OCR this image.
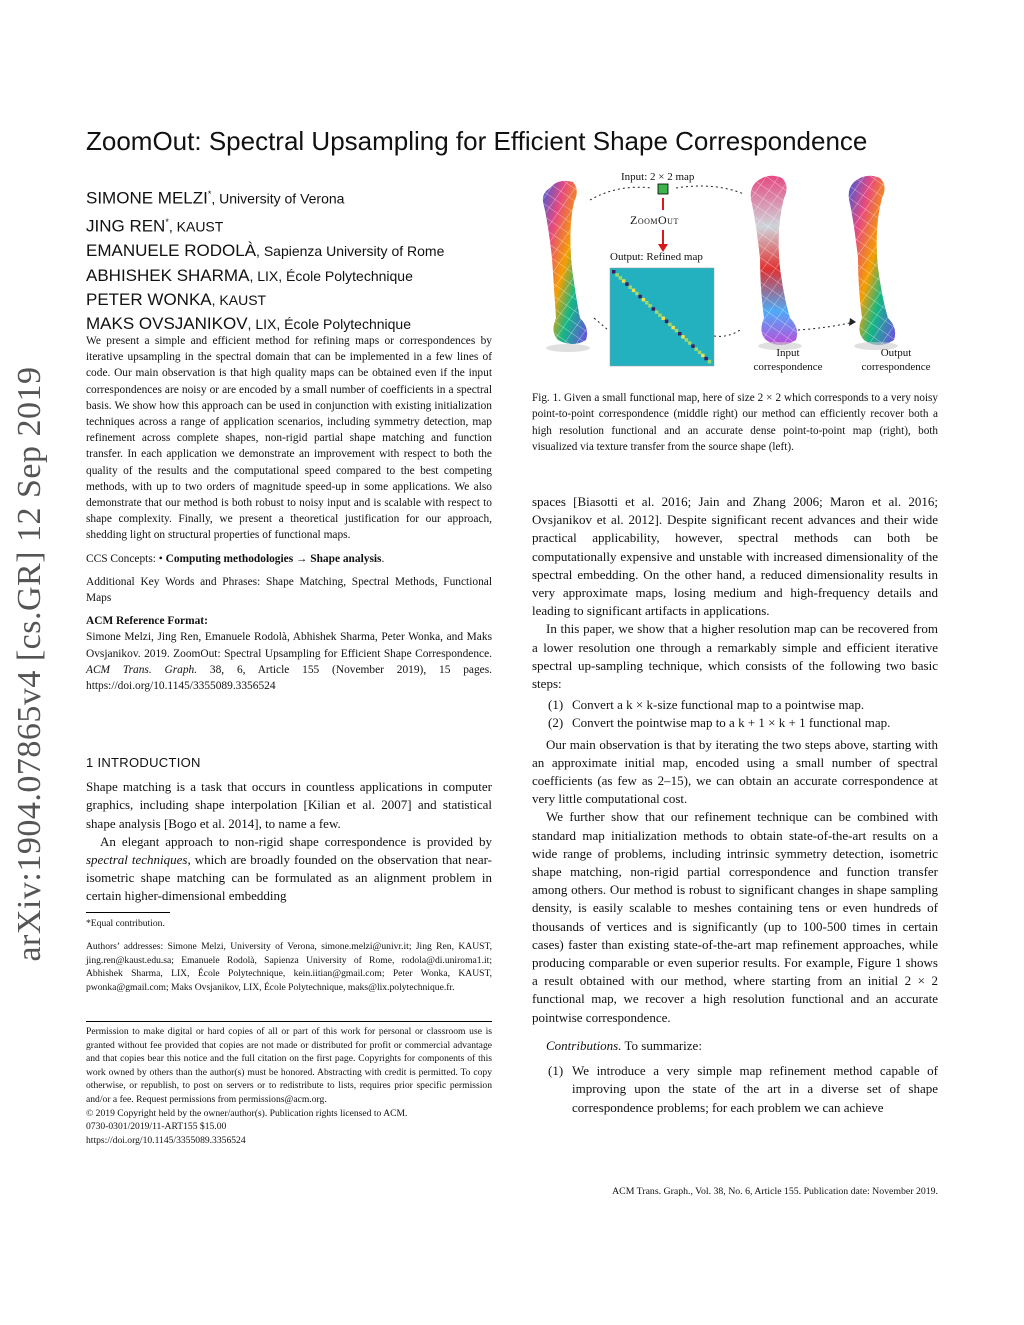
arXiv:1904.07865v4 [cs.GR] 12 Sep 2019
ZoomOut: Spectral Upsampling for Efficient Shape Correspondence
SIMONE MELZI*, University of Verona
JING REN*, KAUST
EMANUELE RODOLÀ, Sapienza University of Rome
ABHISHEK SHARMA, LIX, École Polytechnique
PETER WONKA, KAUST
MAKS OVSJANIKOV, LIX, École Polytechnique

We present a simple and efficient method for refining maps or correspondences by iterative upsampling in the spectral domain that can be implemented in a few lines of code. Our main observation is that high quality maps can be obtained even if the input correspondences are noisy or are encoded by a small number of coefficients in a spectral basis. We show how this approach can be used in conjunction with existing initialization techniques across a range of application scenarios, including symmetry detection, map refinement across complete shapes, non-rigid partial shape matching and function transfer. In each application we demonstrate an improvement with respect to both the quality of the results and the computational speed compared to the best competing methods, with up to two orders of magnitude speed-up in some applications. We also demonstrate that our method is both robust to noisy input and is scalable with respect to shape complexity. Finally, we present a theoretical justification for our approach, shedding light on structural properties of functional maps.

CCS Concepts: • Computing methodologies → Shape analysis.

Additional Key Words and Phrases: Shape Matching, Spectral Methods, Functional Maps

ACM Reference Format:

Simone Melzi, Jing Ren, Emanuele Rodolà, Abhishek Sharma, Peter Wonka, and Maks Ovsjanikov. 2019. ZoomOut: Spectral Upsampling for Efficient Shape Correspondence. ACM Trans. Graph. 38, 6, Article 155 (November 2019), 15 pages. https://doi.org/10.1145/3355089.3356524

1 INTRODUCTION

Shape matching is a task that occurs in countless applications in computer graphics, including shape interpolation [Kilian et al. 2007] and statistical shape analysis [Bogo et al. 2014], to name a few.

An elegant approach to non-rigid shape correspondence is provided by spectral techniques, which are broadly founded on the observation that near-isometric shape matching can be formulated as an alignment problem in certain higher-dimensional embedding

*Equal contribution.
Authors’ addresses: Simone Melzi, University of Verona, simone.melzi@univr.it; Jing Ren, KAUST, jing.ren@kaust.edu.sa; Emanuele Rodolà, Sapienza University of Rome, rodola@di.uniroma1.it; Abhishek Sharma, LIX, École Polytechnique, kein.iitian@gmail.com; Peter Wonka, KAUST, pwonka@gmail.com; Maks Ovsjanikov, LIX, École Polytechnique, maks@lix.polytechnique.fr.

Permission to make digital or hard copies of all or part of this work for personal or classroom use is granted without fee provided that copies are not made or distributed for profit or commercial advantage and that copies bear this notice and the full citation on the first page. Copyrights for components of this work owned by others than the author(s) must be honored. Abstracting with credit is permitted. To copy otherwise, or republish, to post on servers or to redistribute to lists, requires prior specific permission and/or a fee. Request permissions from permissions@acm.org.

© 2019 Copyright held by the owner/author(s). Publication rights licensed to ACM.

0730-0301/2019/11-ART155 $15.00

https://doi.org/10.1145/3355089.3356524

Input: 2 × 2 map
ZoomOut
Output: Refined map
Input
correspondence
Output
correspondence
Fig. 1. Given a small functional map, here of size 2 × 2 which corresponds to a very noisy point-to-point correspondence (middle right) our method can efficiently recover both a high resolution functional and an accurate dense point-to-point map (right), both visualized via texture transfer from the source shape (left).

spaces [Biasotti et al. 2016; Jain and Zhang 2006; Maron et al. 2016; Ovsjanikov et al. 2012]. Despite significant recent advances and their wide practical applicability, however, spectral methods can both be computationally expensive and unstable with increased dimensionality of the spectral embedding. On the other hand, a reduced dimensionality results in very approximate maps, losing medium and high-frequency details and leading to significant artifacts in applications.

In this paper, we show that a higher resolution map can be recovered from a lower resolution one through a remarkably simple and efficient iterative spectral up-sampling technique, which consists of the following two basic steps:

(1) Convert a k × k-size functional map to a pointwise map.
(2) Convert the pointwise map to a k + 1 × k + 1 functional map.

Our main observation is that by iterating the two steps above, starting with an approximate initial map, encoded using a small number of spectral coefficients (as few as 2–15), we can obtain an accurate correspondence at very little computational cost.

We further show that our refinement technique can be combined with standard map initialization methods to obtain state-of-the-art results on a wide range of problems, including intrinsic symmetry detection, isometric shape matching, non-rigid partial correspondence and function transfer among others. Our method is robust to significant changes in shape sampling density, is easily scalable to meshes containing tens or even hundreds of thousands of vertices and is significantly (up to 100-500 times in certain cases) faster than existing state-of-the-art map refinement approaches, while producing comparable or even superior results. For example, Figure 1 shows a result obtained with our method, where starting from an initial 2 × 2 functional map, we recover a high resolution functional and an accurate pointwise correspondence.

Contributions. To summarize:

(1) We introduce a very simple map refinement method capable of improving upon the state of the art in a diverse set of shape correspondence problems; for each problem we can achieve
ACM Trans. Graph., Vol. 38, No. 6, Article 155. Publication date: November 2019.
